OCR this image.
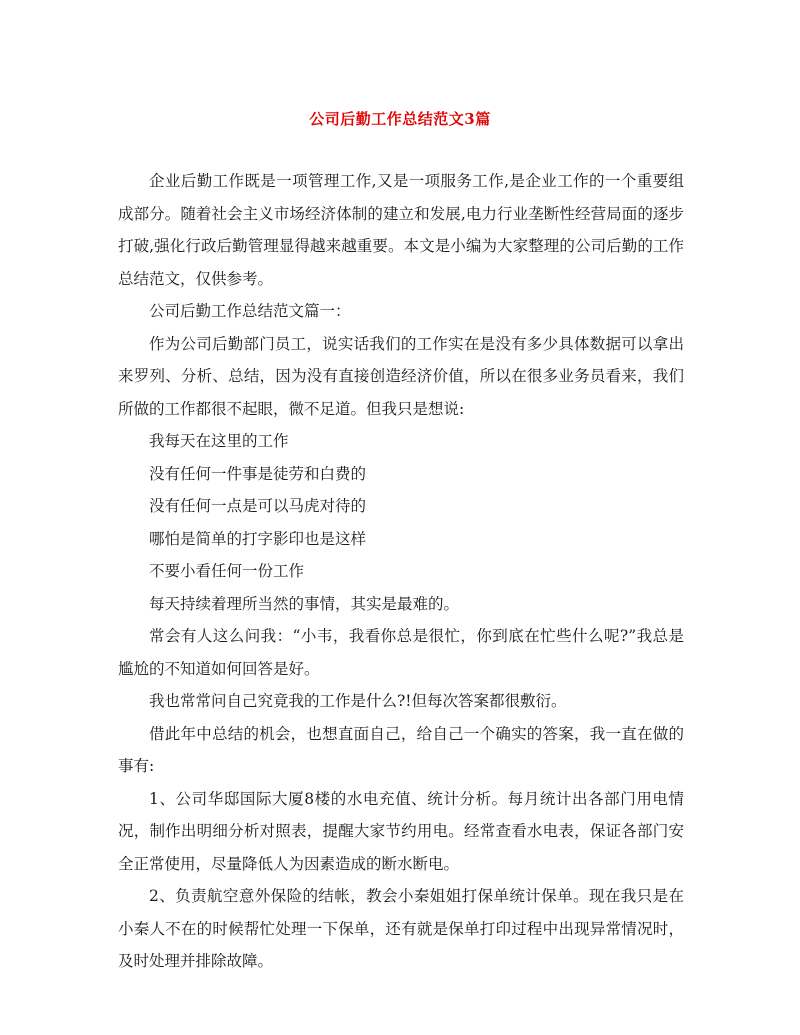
公司后勤工作总结范文3篇

企业后勤工作既是一项管理工作,又是一项服务工作,是企业工作的一个重要组成部分。随着社会主义市场经济体制的建立和发展,电力行业垄断性经营局面的逐步打破,强化行政后勤管理显得越来越重要。本文是小编为大家整理的公司后勤的工作总结范文，仅供参考。

公司后勤工作总结范文篇一：

作为公司后勤部门员工，说实话我们的工作实在是没有多少具体数据可以拿出来罗列、分析、总结，因为没有直接创造经济价值，所以在很多业务员看来，我们所做的工作都很不起眼，微不足道。但我只是想说:

我每天在这里的工作

没有任何一件事是徒劳和白费的

没有任何一点是可以马虎对待的

哪怕是简单的打字影印也是这样

不要小看任何一份工作

每天持续着理所当然的事情，其实是最难的。

常会有人这么问我：“小韦，我看你总是很忙，你到底在忙些什么呢?”我总是尴尬的不知道如何回答是好。

我也常常问自己究竟我的工作是什么?!但每次答案都很敷衍。

借此年中总结的机会，也想直面自己，给自己一个确实的答案，我一直在做的事有:

1、公司华邸国际大厦8楼的水电充值、统计分析。每月统计出各部门用电情况，制作出明细分析对照表，提醒大家节约用电。经常查看水电表，保证各部门安全正常使用，尽量降低人为因素造成的断水断电。

2、负责航空意外保险的结帐，教会小秦姐姐打保单统计保单。现在我只是在小秦人不在的时候帮忙处理一下保单，还有就是保单打印过程中出现异常情况时，及时处理并排除故障。
